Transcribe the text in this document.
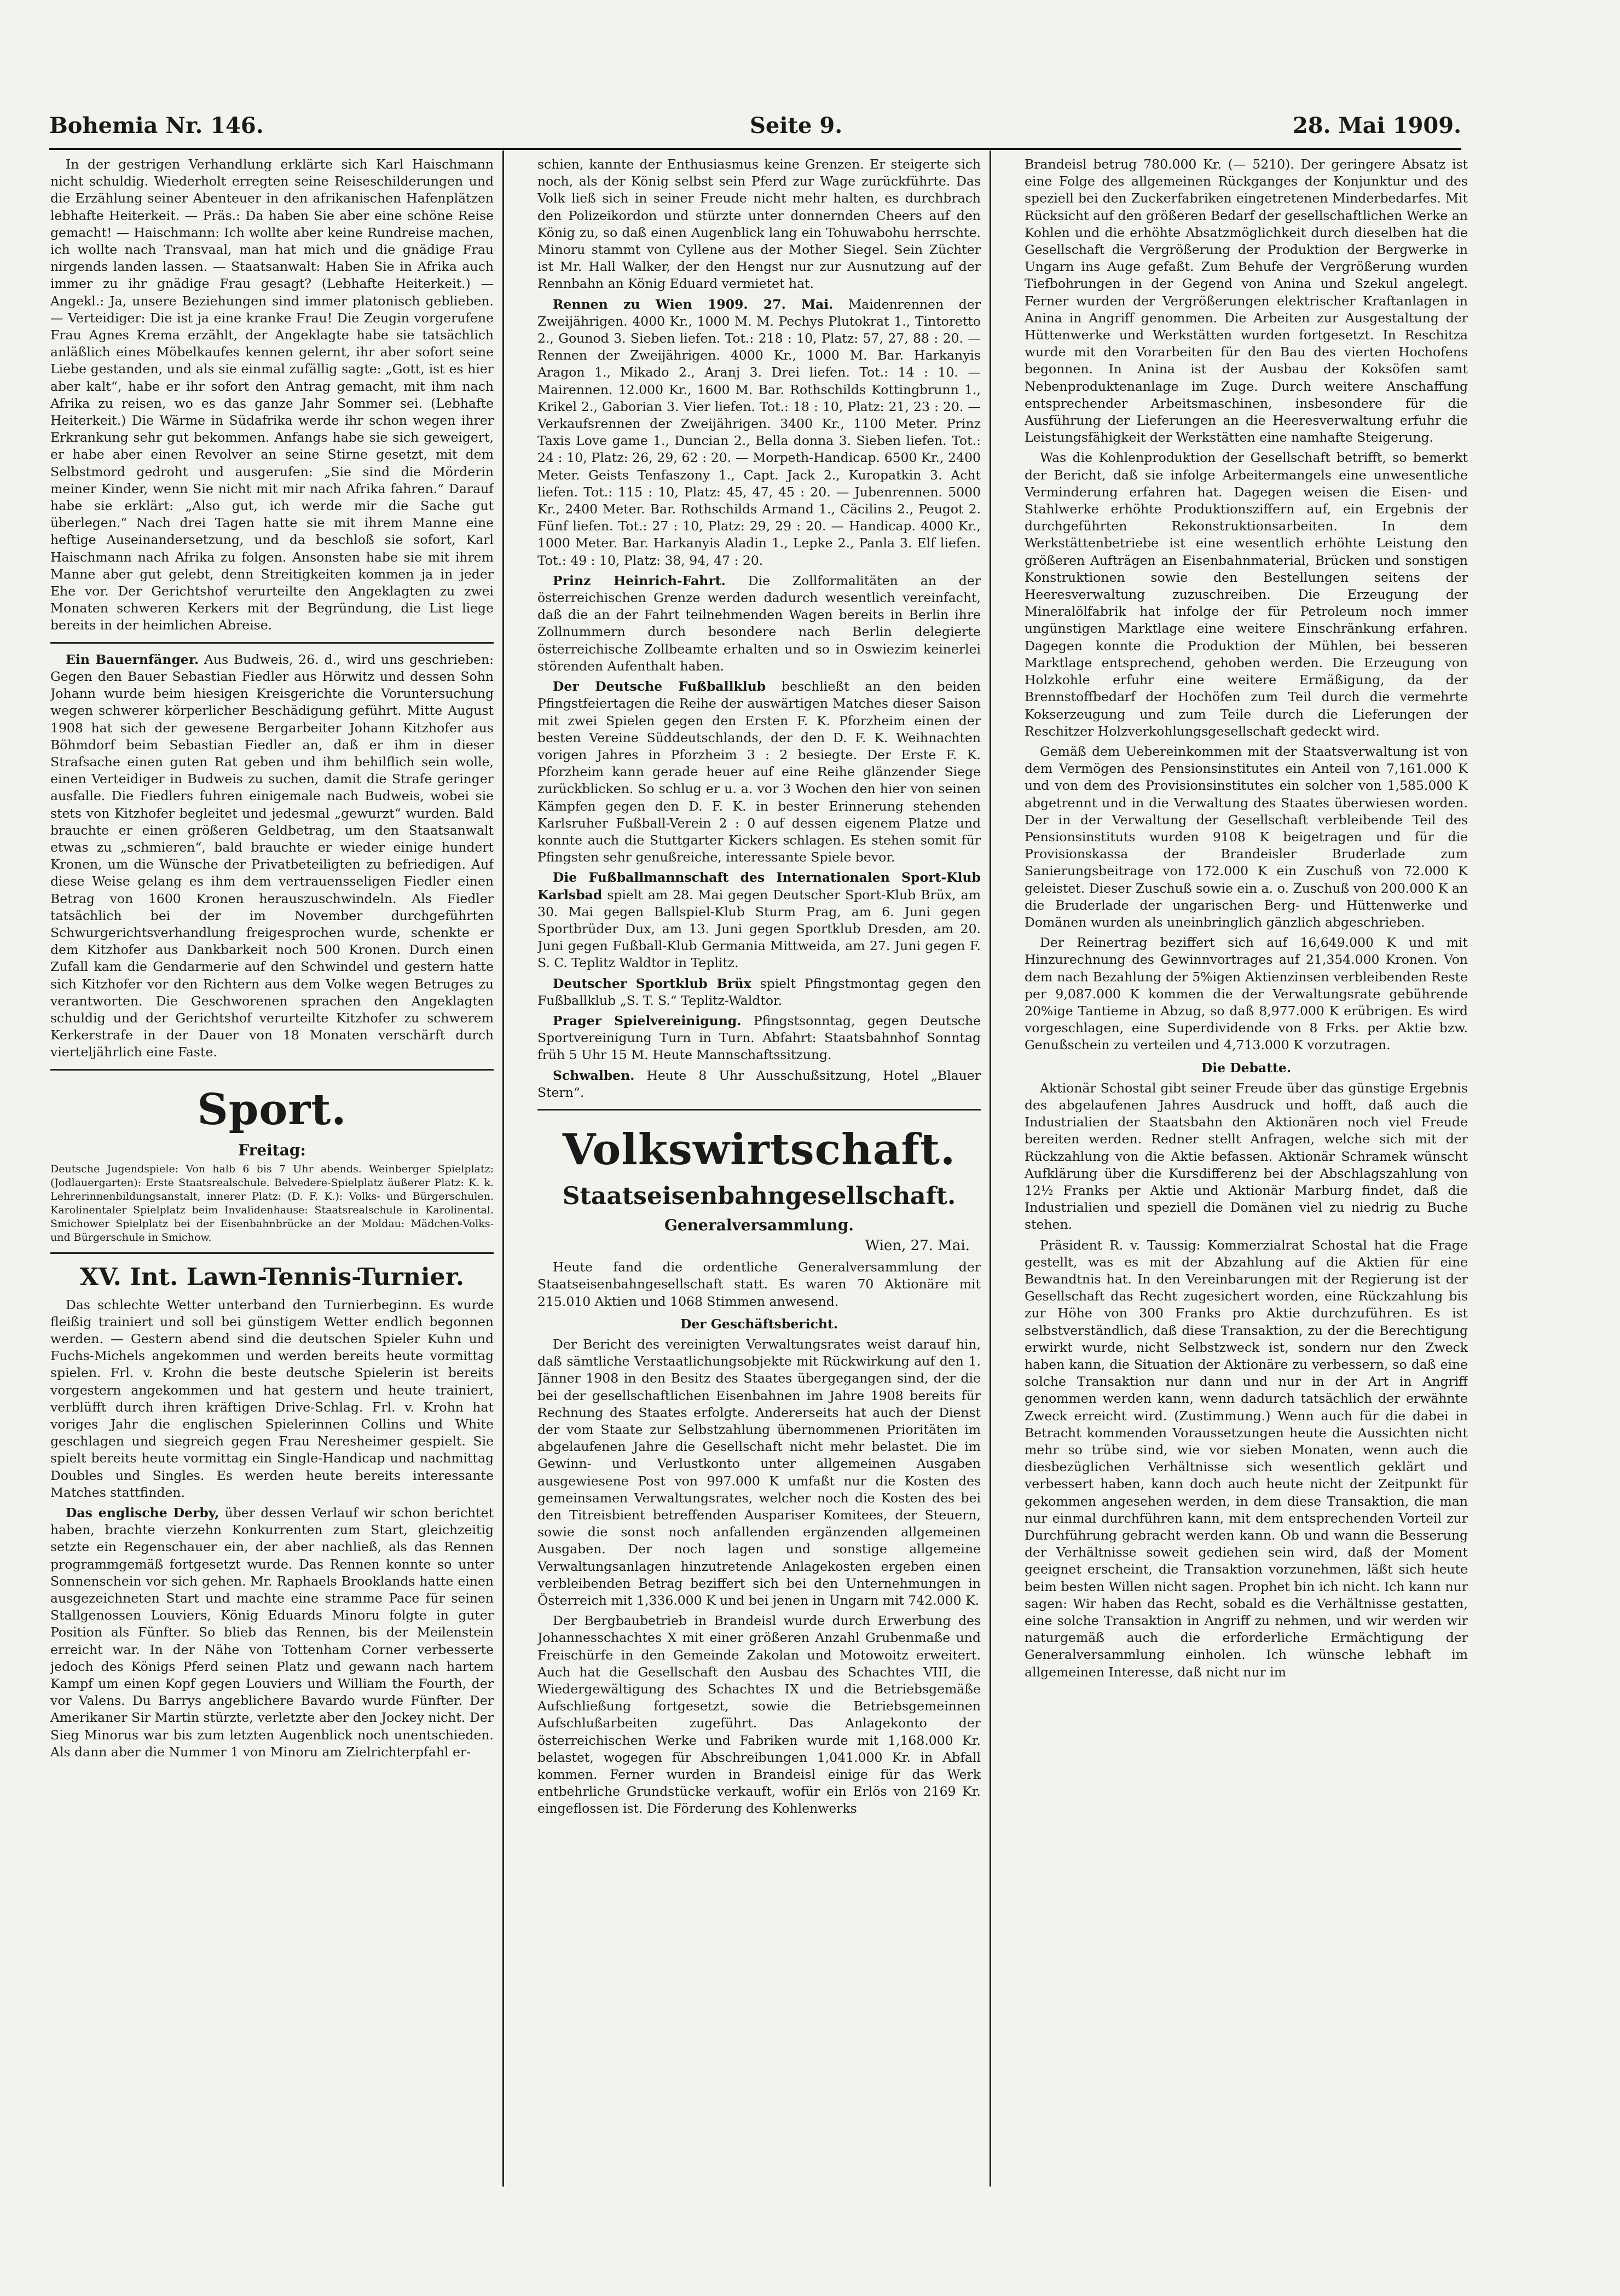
Bohemia Nr. 146.	Seite 9.	28. Mai 1909.

In der gestrigen Verhandlung erklärte sich Karl Haischmann nicht schuldig. Wiederholt erregten seine Reiseschilderungen und die Erzählung seiner Abenteuer in den afrikanischen Hafenplätzen lebhafte Heiterkeit. — Präs.: Da haben Sie aber eine schöne Reise gemacht! — Haischmann: Ich wollte aber keine Rundreise machen, ich wollte nach Transvaal, man hat mich und die gnädige Frau nirgends landen lassen. — Staatsanwalt: Haben Sie in Afrika auch immer zu ihr gnädige Frau gesagt? (Lebhafte Heiterkeit.) — Angekl.: Ja, unsere Beziehungen sind immer platonisch geblieben. — Verteidiger: Die ist ja eine kranke Frau! Die Zeugin vorgerufene Frau Agnes Krema erzählt, der Angeklagte habe sie tatsächlich anläßlich eines Möbelkaufes kennen gelernt, ihr aber sofort seine Liebe gestanden, und als sie einmal zufällig sagte: „Gott, ist es hier aber kalt“, habe er ihr sofort den Antrag gemacht, mit ihm nach Afrika zu reisen, wo es das ganze Jahr Sommer sei. (Lebhafte Heiterkeit.) Die Wärme in Südafrika werde ihr schon wegen ihrer Erkrankung sehr gut bekommen. Anfangs habe sie sich geweigert, er habe aber einen Revolver an seine Stirne gesetzt, mit dem Selbstmord gedroht und ausgerufen: „Sie sind die Mörderin meiner Kinder, wenn Sie nicht mit mir nach Afrika fahren.“ Darauf habe sie erklärt: „Also gut, ich werde mir die Sache gut überlegen.“ Nach drei Tagen hatte sie mit ihrem Manne eine heftige Auseinandersetzung, und da beschloß sie sofort, Karl Haischmann nach Afrika zu folgen. Ansonsten habe sie mit ihrem Manne aber gut gelebt, denn Streitigkeiten kommen ja in jeder Ehe vor. Der Gerichtshof verurteilte den Angeklagten zu zwei Monaten schweren Kerkers mit der Begründung, die List liege bereits in der heimlichen Abreise.

Ein Bauernfänger. Aus Budweis, 26. d., wird uns geschrieben: Gegen den Bauer Sebastian Fiedler aus Hörwitz und dessen Sohn Johann wurde beim hiesigen Kreisgerichte die Voruntersuchung wegen schwerer körperlicher Beschädigung geführt. Mitte August 1908 hat sich der gewesene Bergarbeiter Johann Kitzhofer aus Böhmdorf beim Sebastian Fiedler an, daß er ihm in dieser Strafsache einen guten Rat geben und ihm behilflich sein wolle, einen Verteidiger in Budweis zu suchen, damit die Strafe geringer ausfalle. Die Fiedlers fuhren einigemale nach Budweis, wobei sie stets von Kitzhofer begleitet und jedesmal „gewurzt“ wurden. Bald brauchte er einen größeren Geldbetrag, um den Staatsanwalt etwas zu „schmieren“, bald brauchte er wieder einige hundert Kronen, um die Wünsche der Privatbeteiligten zu befriedigen. Auf diese Weise gelang es ihm dem vertrauensseligen Fiedler einen Betrag von 1600 Kronen herauszuschwindeln. Als Fiedler tatsächlich bei der im November durchgeführten Schwurgerichtsverhandlung freigesprochen wurde, schenkte er dem Kitzhofer aus Dankbarkeit noch 500 Kronen. Durch einen Zufall kam die Gendarmerie auf den Schwindel und gestern hatte sich Kitzhofer vor den Richtern aus dem Volke wegen Betruges zu verantworten. Die Geschworenen sprachen den Angeklagten schuldig und der Gerichtshof verurteilte Kitzhofer zu schwerem Kerkerstrafe in der Dauer von 18 Monaten verschärft durch vierteljährlich eine Faste.

Sport.
Freitag:

Deutsche Jugendspiele: Von halb 6 bis 7 Uhr abends. Weinberger Spielplatz: (Jodlauergarten): Erste Staatsrealschule. Belvedere-Spielplatz äußerer Platz: K. k. Lehrerinnenbildungsanstalt, innerer Platz: (D. F. K.): Volks- und Bürgerschulen. Karolinentaler Spielplatz beim Invalidenhause: Staatsrealschule in Karolinental. Smichower Spielplatz bei der Eisenbahnbrücke an der Moldau: Mädchen-Volks- und Bürgerschule in Smichow.

XV. Int. Lawn-Tennis-Turnier.

Das schlechte Wetter unterband den Turnierbeginn. Es wurde fleißig trainiert und soll bei günstigem Wetter endlich begonnen werden. — Gestern abend sind die deutschen Spieler Kuhn und Fuchs-Michels angekommen und werden bereits heute vormittag spielen. Frl. v. Krohn die beste deutsche Spielerin ist bereits vorgestern angekommen und hat gestern und heute trainiert, verblüfft durch ihren kräftigen Drive-Schlag. Frl. v. Krohn hat voriges Jahr die englischen Spielerinnen Collins und White geschlagen und siegreich gegen Frau Neresheimer gespielt. Sie spielt bereits heute vormittag ein Single-Handicap und nachmittag Doubles und Singles. Es werden heute bereits interessante Matches stattfinden.

Das englische Derby, über dessen Verlauf wir schon berichtet haben, brachte vierzehn Konkurrenten zum Start, gleichzeitig setzte ein Regenschauer ein, der aber nachließ, als das Rennen programmgemäß fortgesetzt wurde. Das Rennen konnte so unter Sonnenschein vor sich gehen. Mr. Raphaels Brooklands hatte einen ausgezeichneten Start und machte eine stramme Pace für seinen Stallgenossen Louviers, König Eduards Minoru folgte in guter Position als Fünfter. So blieb das Rennen, bis der Meilenstein erreicht war. In der Nähe von Tottenham Corner verbesserte jedoch des Königs Pferd seinen Platz und gewann nach hartem Kampf um einen Kopf gegen Louviers und William the Fourth, der vor Valens. Du Barrys angeblichere Bavardo wurde Fünfter. Der Amerikaner Sir Martin stürzte, verletzte aber den Jockey nicht. Der Sieg Minorus war bis zum letzten Augenblick noch unentschieden. Als dann aber die Nummer 1 von Minoru am Zielrichterpfahl er-

schien, kannte der Enthusiasmus keine Grenzen. Er steigerte sich noch, als der König selbst sein Pferd zur Wage zurückführte. Das Volk ließ sich in seiner Freude nicht mehr halten, es durchbrach den Polizeikordon und stürzte unter donnernden Cheers auf den König zu, so daß einen Augenblick lang ein Tohuwabohu herrschte. Minoru stammt von Cyllene aus der Mother Siegel. Sein Züchter ist Mr. Hall Walker, der den Hengst nur zur Ausnutzung auf der Rennbahn an König Eduard vermietet hat.

Rennen zu Wien 1909. 27. Mai. Maidenrennen der Zweijährigen. 4000 Kr., 1000 M. M. Pechys Plutokrat 1., Tintoretto 2., Gounod 3. Sieben liefen. Tot.: 218 : 10, Platz: 57, 27, 88 : 20. — Rennen der Zweijährigen. 4000 Kr., 1000 M. Bar. Harkanyis Aragon 1., Mikado 2., Aranj 3. Drei liefen. Tot.: 14 : 10. — Mairennen. 12.000 Kr., 1600 M. Bar. Rothschilds Kottingbrunn 1., Krikel 2., Gaborian 3. Vier liefen. Tot.: 18 : 10, Platz: 21, 23 : 20. — Verkaufsrennen der Zweijährigen. 3400 Kr., 1100 Meter. Prinz Taxis Love game 1., Duncian 2., Bella donna 3. Sieben liefen. Tot.: 24 : 10, Platz: 26, 29, 62 : 20. — Morpeth-Handicap. 6500 Kr., 2400 Meter. Geists Tenfaszony 1., Capt. Jack 2., Kuropatkin 3. Acht liefen. Tot.: 115 : 10, Platz: 45, 47, 45 : 20. — Jubenrennen. 5000 Kr., 2400 Meter. Bar. Rothschilds Armand 1., Cäcilins 2., Peugot 2. Fünf liefen. Tot.: 27 : 10, Platz: 29, 29 : 20. — Handicap. 4000 Kr., 1000 Meter. Bar. Harkanyis Aladin 1., Lepke 2., Panla 3. Elf liefen. Tot.: 49 : 10, Platz: 38, 94, 47 : 20.

Prinz Heinrich-Fahrt. Die Zollformalitäten an der österreichischen Grenze werden dadurch wesentlich vereinfacht, daß die an der Fahrt teilnehmenden Wagen bereits in Berlin ihre Zollnummern durch besondere nach Berlin delegierte österreichische Zollbeamte erhalten und so in Oswiezim keinerlei störenden Aufenthalt haben.

Der Deutsche Fußballklub beschließt an den beiden Pfingstfeiertagen die Reihe der auswärtigen Matches dieser Saison mit zwei Spielen gegen den Ersten F. K. Pforzheim einen der besten Vereine Süddeutschlands, der den D. F. K. Weihnachten vorigen Jahres in Pforzheim 3 : 2 besiegte. Der Erste F. K. Pforzheim kann gerade heuer auf eine Reihe glänzender Siege zurückblicken. So schlug er u. a. vor 3 Wochen den hier von seinen Kämpfen gegen den D. F. K. in bester Erinnerung stehenden Karlsruher Fußball-Verein 2 : 0 auf dessen eigenem Platze und konnte auch die Stuttgarter Kickers schlagen. Es stehen somit für Pfingsten sehr genußreiche, interessante Spiele bevor.

Die Fußballmannschaft des Internationalen Sport-Klub Karlsbad spielt am 28. Mai gegen Deutscher Sport-Klub Brüx, am 30. Mai gegen Ballspiel-Klub Sturm Prag, am 6. Juni gegen Sportbrüder Dux, am 13. Juni gegen Sportklub Dresden, am 20. Juni gegen Fußball-Klub Germania Mittweida, am 27. Juni gegen F. S. C. Teplitz Waldtor in Teplitz.

Deutscher Sportklub Brüx spielt Pfingstmontag gegen den Fußballklub „S. T. S.“ Teplitz-Waldtor.

Prager Spielvereinigung. Pfingstsonntag, gegen Deutsche Sportvereinigung Turn in Turn. Abfahrt: Staatsbahnhof Sonntag früh 5 Uhr 15 M. Heute Mannschaftssitzung.

Schwalben. Heute 8 Uhr Ausschußsitzung, Hotel „Blauer Stern“.

Volkswirtschaft.
Staatseisenbahngesellschaft.
Generalversammlung.
Wien, 27. Mai.

Heute fand die ordentliche Generalversammlung der Staatseisenbahngesellschaft statt. Es waren 70 Aktionäre mit 215.010 Aktien und 1068 Stimmen anwesend.

Der Geschäftsbericht.

Der Bericht des vereinigten Verwaltungsrates weist darauf hin, daß sämtliche Verstaatlichungsobjekte mit Rückwirkung auf den 1. Jänner 1908 in den Besitz des Staates übergegangen sind, der die bei der gesellschaftlichen Eisenbahnen im Jahre 1908 bereits für Rechnung des Staates erfolgte. Andererseits hat auch der Dienst der vom Staate zur Selbstzahlung übernommenen Prioritäten im abgelaufenen Jahre die Gesellschaft nicht mehr belastet. Die im Gewinn- und Verlustkonto unter allgemeinen Ausgaben ausgewiesene Post von 997.000 K umfaßt nur die Kosten des gemeinsamen Verwaltungsrates, welcher noch die Kosten des bei den Titreisbient betreffenden Auspariser Komitees, der Steuern, sowie die sonst noch anfallenden ergänzenden allgemeinen Ausgaben. Der noch lagen und sonstige allgemeine Verwaltungsanlagen hinzutretende Anlagekosten ergeben einen verbleibenden Betrag beziffert sich bei den Unternehmungen in Österreich mit 1,336.000 K und bei jenen in Ungarn mit 742.000 K.

Der Bergbaubetrieb in Brandeisl wurde durch Erwerbung des Johannesschachtes X mit einer größeren Anzahl Grubenmaße und Freischürfe in den Gemeinde Zakolan und Motowoitz erweitert. Auch hat die Gesellschaft den Ausbau des Schachtes VIII, die Wiedergewältigung des Schachtes IX und die Betriebsgemäße Aufschließung fortgesetzt, sowie die Betriebsgemeinnen Aufschlußarbeiten zugeführt. Das Anlagekonto der österreichischen Werke und Fabriken wurde mit 1,168.000 Kr. belastet, wogegen für Abschreibungen 1,041.000 Kr. in Abfall kommen. Ferner wurden in Brandeisl einige für das Werk entbehrliche Grundstücke verkauft, wofür ein Erlös von 2169 Kr. eingeflossen ist. Die Förderung des Kohlenwerks

Brandeisl betrug 780.000 Kr. (— 5210). Der geringere Absatz ist eine Folge des allgemeinen Rückganges der Konjunktur und des speziell bei den Zuckerfabriken eingetretenen Minderbedarfes. Mit Rücksicht auf den größeren Bedarf der gesellschaftlichen Werke an Kohlen und die erhöhte Absatzmöglichkeit durch dieselben hat die Gesellschaft die Vergrößerung der Produktion der Bergwerke in Ungarn ins Auge gefaßt. Zum Behufe der Vergrößerung wurden Tiefbohrungen in der Gegend von Anina und Szekul angelegt. Ferner wurden der Vergrößerungen elektrischer Kraftanlagen in Anina in Angriff genommen. Die Arbeiten zur Ausgestaltung der Hüttenwerke und Werkstätten wurden fortgesetzt. In Reschitza wurde mit den Vorarbeiten für den Bau des vierten Hochofens begonnen. In Anina ist der Ausbau der Koksöfen samt Nebenproduktenanlage im Zuge. Durch weitere Anschaffung entsprechender Arbeitsmaschinen, insbesondere für die Ausführung der Lieferungen an die Heeresverwaltung erfuhr die Leistungsfähigkeit der Werkstätten eine namhafte Steigerung.

Was die Kohlenproduktion der Gesellschaft betrifft, so bemerkt der Bericht, daß sie infolge Arbeitermangels eine unwesentliche Verminderung erfahren hat. Dagegen weisen die Eisen- und Stahlwerke erhöhte Produktionsziffern auf, ein Ergebnis der durchgeführten Rekonstruktionsarbeiten. In dem Werkstättenbetriebe ist eine wesentlich erhöhte Leistung den größeren Aufträgen an Eisenbahnmaterial, Brücken und sonstigen Konstruktionen sowie den Bestellungen seitens der Heeresverwaltung zuzuschreiben. Die Erzeugung der Mineralölfabrik hat infolge der für Petroleum noch immer ungünstigen Marktlage eine weitere Einschränkung erfahren. Dagegen konnte die Produktion der Mühlen, bei besseren Marktlage entsprechend, gehoben werden. Die Erzeugung von Holzkohle erfuhr eine weitere Ermäßigung, da der Brennstoffbedarf der Hochöfen zum Teil durch die vermehrte Kokserzeugung und zum Teile durch die Lieferungen der Reschitzer Holzverkohlungsgesellschaft gedeckt wird.

Gemäß dem Uebereinkommen mit der Staatsverwaltung ist von dem Vermögen des Pensionsinstitutes ein Anteil von 7,161.000 K und von dem des Provisionsinstitutes ein solcher von 1,585.000 K abgetrennt und in die Verwaltung des Staates überwiesen worden. Der in der Verwaltung der Gesellschaft verbleibende Teil des Pensionsinstituts wurden 9108 K beigetragen und für die Provisionskassa der Brandeisler Bruderlade zum Sanierungsbeitrage von 172.000 K ein Zuschuß von 72.000 K geleistet. Dieser Zuschuß sowie ein a. o. Zuschuß von 200.000 K an die Bruderlade der ungarischen Berg- und Hüttenwerke und Domänen wurden als uneinbringlich gänzlich abgeschrieben.

Der Reinertrag beziffert sich auf 16,649.000 K und mit Hinzurechnung des Gewinnvortrages auf 21,354.000 Kronen. Von dem nach Bezahlung der 5%igen Aktienzinsen verbleibenden Reste per 9,087.000 K kommen die der Verwaltungsrate gebührende 20%ige Tantieme in Abzug, so daß 8,977.000 K erübrigen. Es wird vorgeschlagen, eine Superdividende von 8 Frks. per Aktie bzw. Genußschein zu verteilen und 4,713.000 K vorzutragen.

Die Debatte.

Aktionär Schostal gibt seiner Freude über das günstige Ergebnis des abgelaufenen Jahres Ausdruck und hofft, daß auch die Industrialien der Staatsbahn den Aktionären noch viel Freude bereiten werden. Redner stellt Anfragen, welche sich mit der Rückzahlung von die Aktie befassen. Aktionär Schramek wünscht Aufklärung über die Kursdifferenz bei der Abschlagszahlung von 12½ Franks per Aktie und Aktionär Marburg findet, daß die Industrialien und speziell die Domänen viel zu niedrig zu Buche stehen.

Präsident R. v. Taussig: Kommerzialrat Schostal hat die Frage gestellt, was es mit der Abzahlung auf die Aktien für eine Bewandtnis hat. In den Vereinbarungen mit der Regierung ist der Gesellschaft das Recht zugesichert worden, eine Rückzahlung bis zur Höhe von 300 Franks pro Aktie durchzuführen. Es ist selbstverständlich, daß diese Transaktion, zu der die Berechtigung erwirkt wurde, nicht Selbstzweck ist, sondern nur den Zweck haben kann, die Situation der Aktionäre zu verbessern, so daß eine solche Transaktion nur dann und nur in der Art in Angriff genommen werden kann, wenn dadurch tatsächlich der erwähnte Zweck erreicht wird. (Zustimmung.) Wenn auch für die dabei in Betracht kommenden Voraussetzungen heute die Aussichten nicht mehr so trübe sind, wie vor sieben Monaten, wenn auch die diesbezüglichen Verhältnisse sich wesentlich geklärt und verbessert haben, kann doch auch heute nicht der Zeitpunkt für gekommen angesehen werden, in dem diese Transaktion, die man nur einmal durchführen kann, mit dem entsprechenden Vorteil zur Durchführung gebracht werden kann. Ob und wann die Besserung der Verhältnisse soweit gediehen sein wird, daß der Moment geeignet erscheint, die Transaktion vorzunehmen, läßt sich heute beim besten Willen nicht sagen. Prophet bin ich nicht. Ich kann nur sagen: Wir haben das Recht, sobald es die Verhältnisse gestatten, eine solche Transaktion in Angriff zu nehmen, und wir werden wir naturgemäß auch die erforderliche Ermächtigung der Generalversammlung einholen. Ich wünsche lebhaft im allgemeinen Interesse, daß nicht nur im
